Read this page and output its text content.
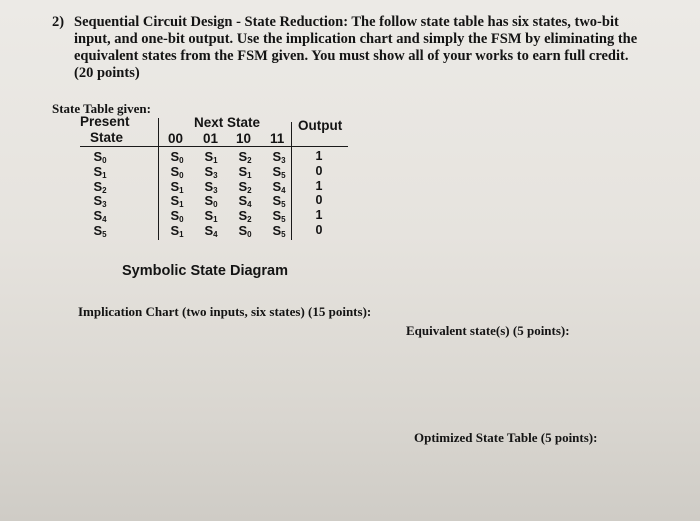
2) Sequential Circuit Design - State Reduction: The follow state table has six states, two-bit
input, and one-bit output. Use the implication chart and simply the FSM by eliminating the
equivalent states from the FSM given. You must show all of your works to earn full credit.
(20 points)
State Table given:
Present
State
Next State	Output
00 01 10 11
$S_0$	$S_0$	$S_1$	$S_2$	$S_3$	1
$S_1$	$S_0$	$S_3$	$S_1$	$S_5$	0
$S_2$	$S_1$	$S_3$	$S_2$	$S_4$	1
$S_3$	$S_1$	$S_0$	$S_4$	$S_5$	0
$S_4$	$S_0$	$S_1$	$S_2$	$S_5$	1
$S_5$	$S_1$	$S_4$	$S_0$	$S_5$	0
Symbolic State Diagram
Implication Chart (two inputs, six states) (15 points):
Equivalent state(s) (5 points):
Optimized State Table (5 points):
